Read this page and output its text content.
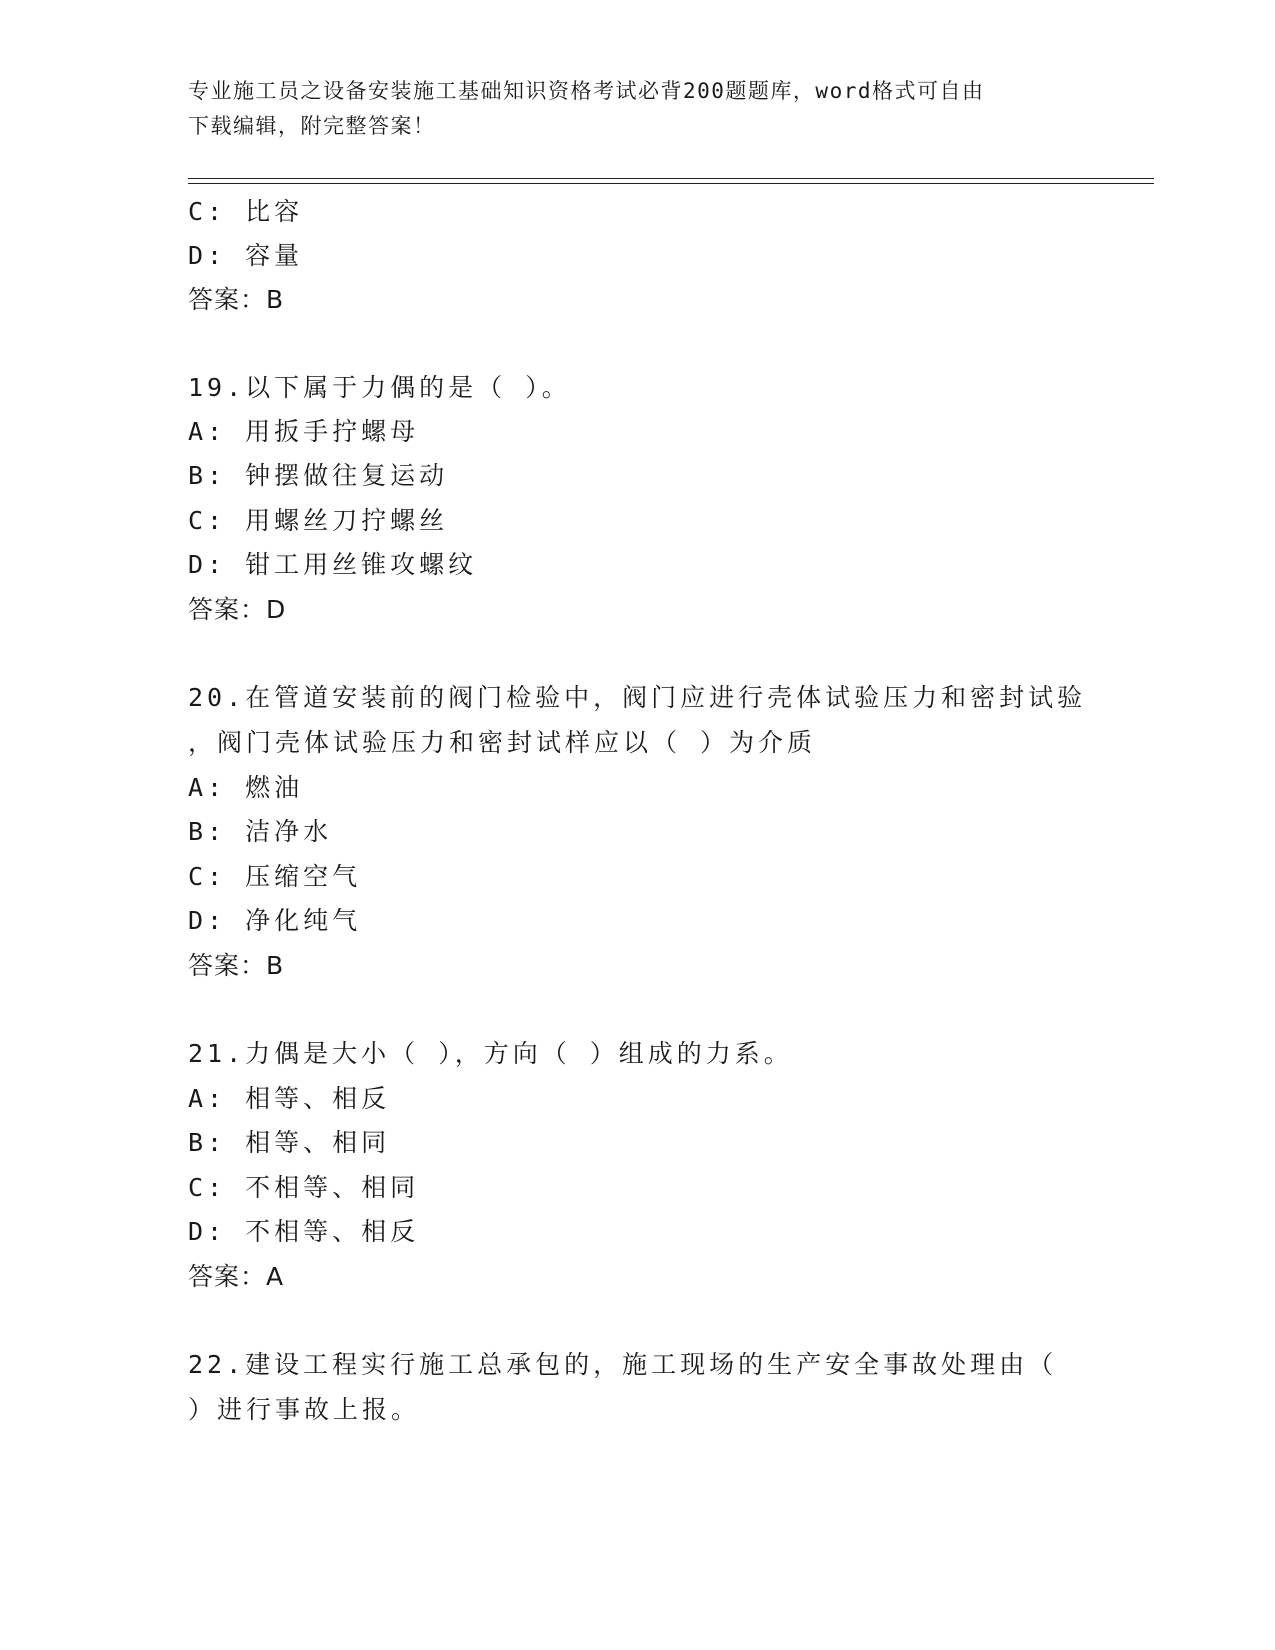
专业施工员之设备安装施工基础知识资格考试必背200题题库，word格式可自由
下载编辑，附完整答案！
C: 比容
D: 容量
答案：B
19.以下属于力偶的是（ ）。
A: 用扳手拧螺母
B: 钟摆做往复运动
C: 用螺丝刀拧螺丝
D: 钳工用丝锥攻螺纹
答案：D
20.在管道安装前的阀门检验中，阀门应进行壳体试验压力和密封试验
，阀门壳体试验压力和密封试样应以（ ）为介质
A: 燃油
B: 洁净水
C: 压缩空气
D: 净化纯气
答案：B
21.力偶是大小（ ），方向（ ）组成的力系。
A: 相等、相反
B: 相等、相同
C: 不相等、相同
D: 不相等、相反
答案：A
22.建设工程实行施工总承包的，施工现场的生产安全事故处理由（
）进行事故上报。
